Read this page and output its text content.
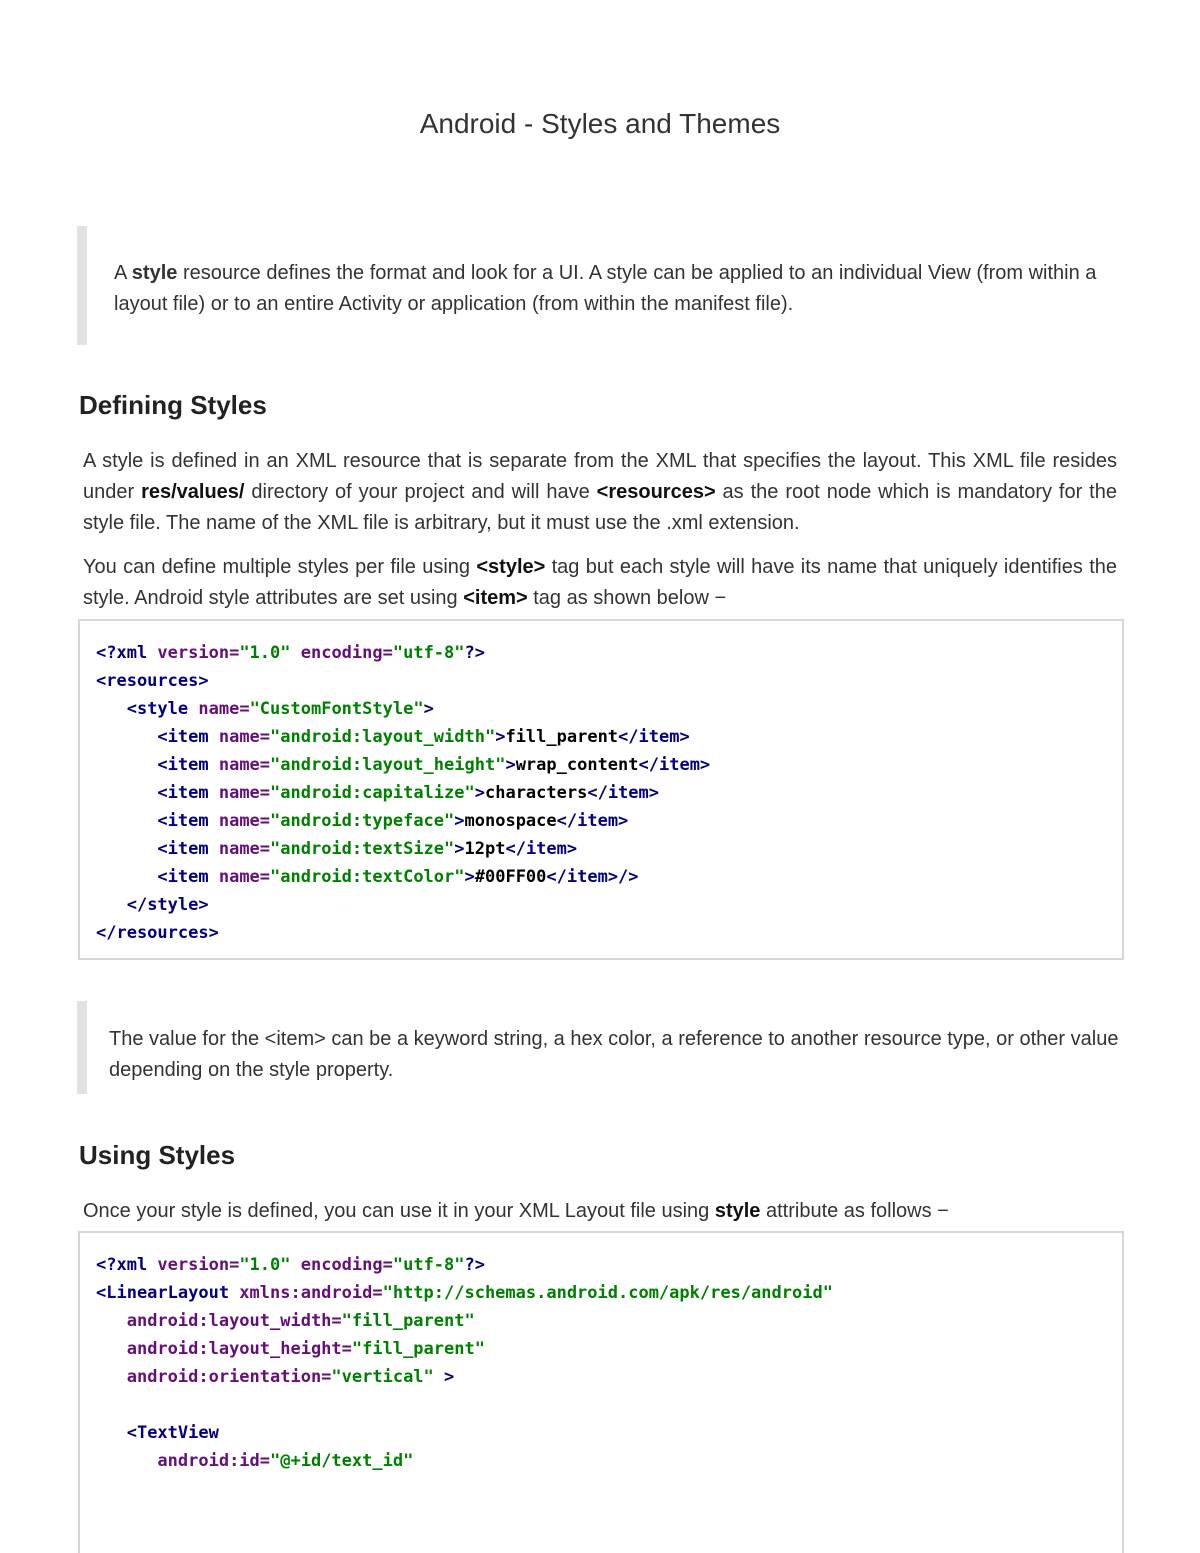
Android - Styles and Themes

A style resource defines the format and look for a UI. A style can be applied to an individual View (from within a layout file) or to an entire Activity or application (from within the manifest file).

Defining Styles

A style is defined in an XML resource that is separate from the XML that specifies the layout. This XML file resides under res/values/ directory of your project and will have <resources> as the root node which is mandatory for the style file. The name of the XML file is arbitrary, but it must use the .xml extension.

You can define multiple styles per file using <style> tag but each style will have its name that uniquely identifies the style. Android style attributes are set using <item> tag as shown below −

<?xml version="1.0" encoding="utf-8"?>
<resources>
<style name="CustomFontStyle">
<item name="android:layout_width">fill_parent</item>
<item name="android:layout_height">wrap_content</item>
<item name="android:capitalize">characters</item>
<item name="android:typeface">monospace</item>
<item name="android:textSize">12pt</item>
<item name="android:textColor">#00FF00</item>/>
</style>
</resources>

The value for the <item> can be a keyword string, a hex color, a reference to another resource type, or other value depending on the style property.

Using Styles

Once your style is defined, you can use it in your XML Layout file using style attribute as follows −

<?xml version="1.0" encoding="utf-8"?>
<LinearLayout xmlns:android="http://schemas.android.com/apk/res/android"
android:layout_width="fill_parent"
android:layout_height="fill_parent"
android:orientation="vertical" >

<TextView
android:id="@+id/text_id"
